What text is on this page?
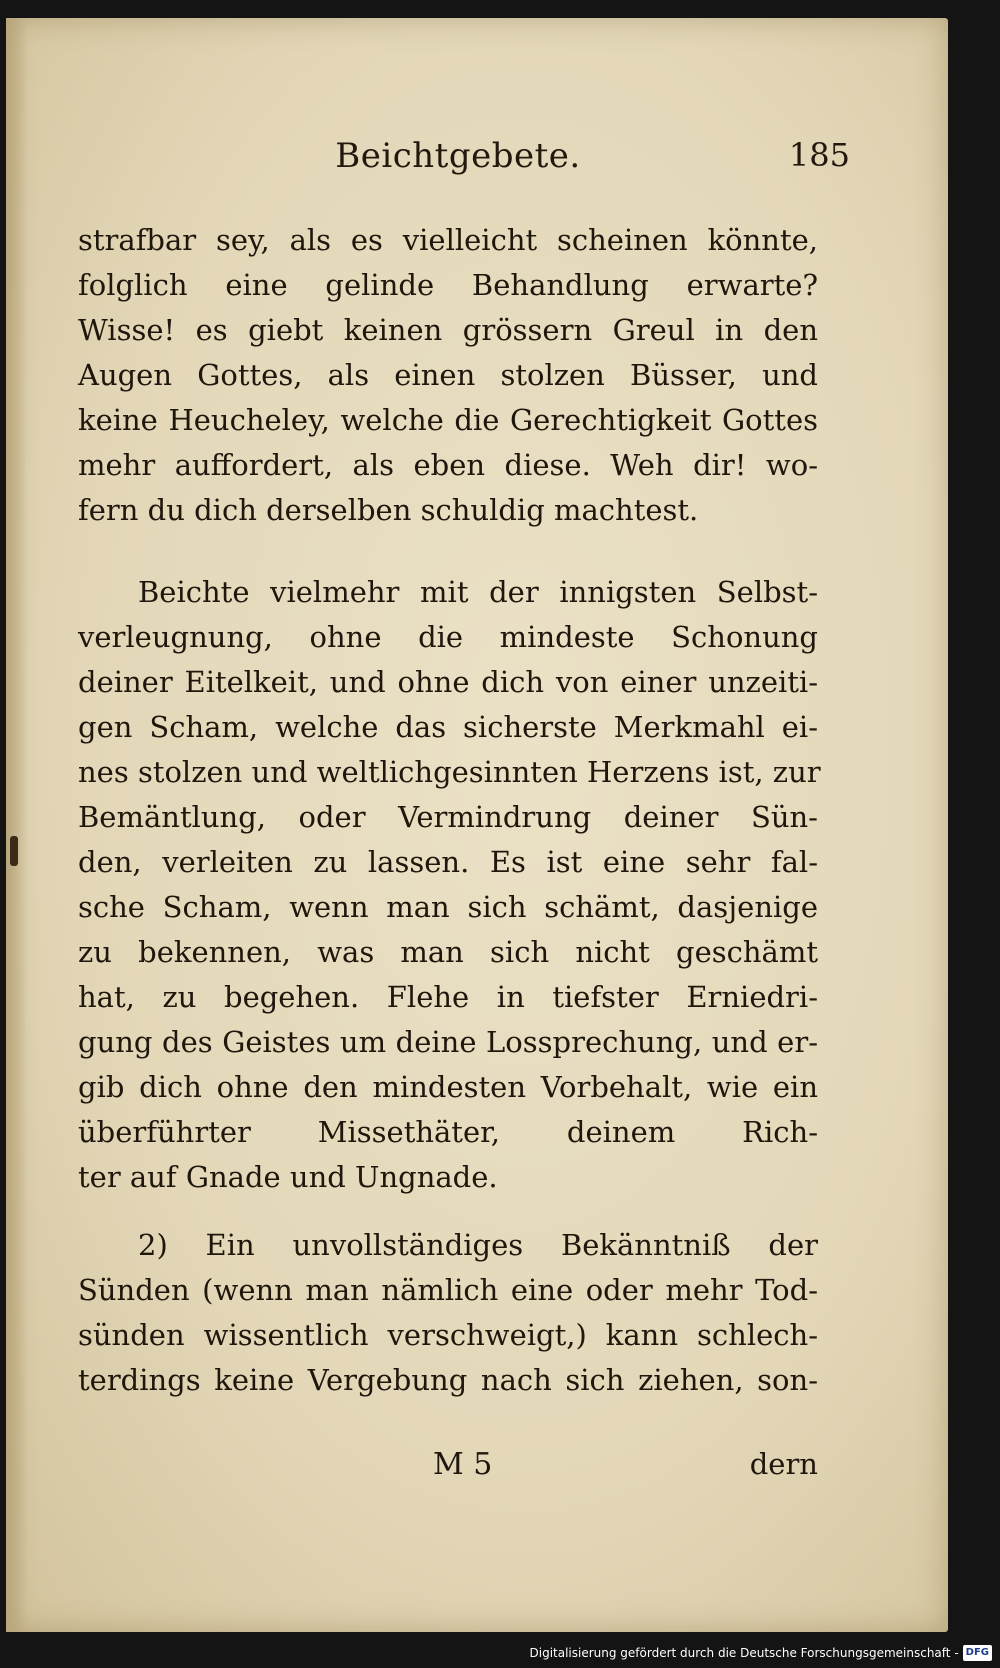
Beichtgebete.	185
strafbar sey, als es vielleicht scheinen könnte,
folglich eine gelinde Behandlung erwarte?
Wisse! es giebt keinen grössern Greul in den
Augen Gottes, als einen stolzen Büsser, und
keine Heucheley, welche die Gerechtigkeit Gottes
mehr auffordert, als eben diese. Weh dir! wo-
fern du dich derselben schuldig machtest.
Beichte vielmehr mit der innigsten Selbst-
verleugnung, ohne die mindeste Schonung
deiner Eitelkeit, und ohne dich von einer unzeiti-
gen Scham, welche das sicherste Merkmahl ei-
nes stolzen und weltlichgesinnten Herzens ist, zur
Bemäntlung, oder Vermindrung deiner Sün-
den, verleiten zu lassen. Es ist eine sehr fal-
sche Scham, wenn man sich schämt, dasjenige
zu bekennen, was man sich nicht geschämt
hat, zu begehen. Flehe in tiefster Erniedri-
gung des Geistes um deine Lossprechung, und er-
gib dich ohne den mindesten Vorbehalt, wie ein
überführter Missethäter, deinem Rich-
ter auf Gnade und Ungnade.
2) Ein unvollständiges Bekänntniß der
Sünden (wenn man nämlich eine oder mehr Tod-
sünden wissentlich verschweigt,) kann schlech-
terdings keine Vergebung nach sich ziehen, son-
M 5	dern
Digitalisierung gefördert durch die Deutsche Forschungsgemeinschaft - DFG
